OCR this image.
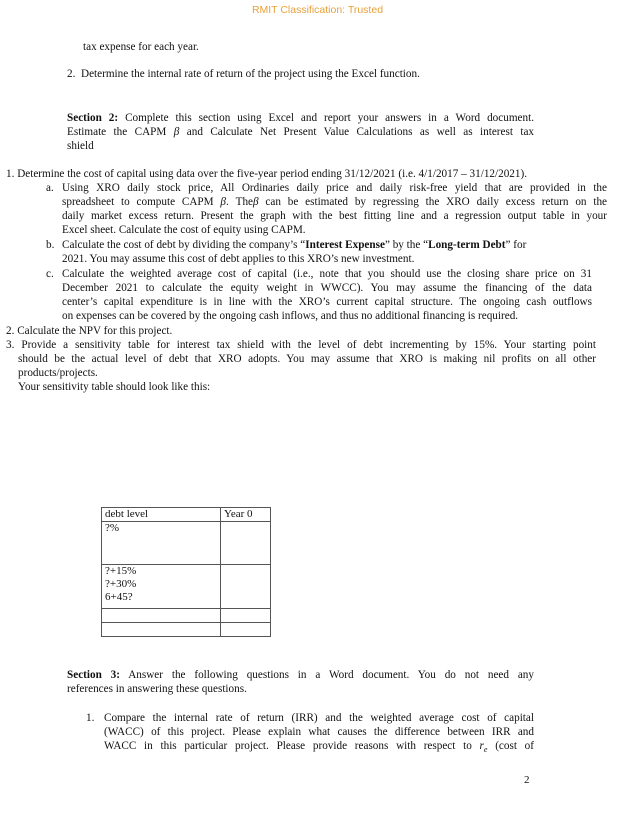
RMIT Classification: Trusted
tax expense for each year.
2. Determine the internal rate of return of the project using the Excel function.
Section 2: Complete this section using Excel and report your answers in a Word document.
Estimate the CAPM β and Calculate Net Present Value Calculations as well as interest tax
shield
1. Determine the cost of capital using data over the five-year period ending 31/12/2021 (i.e. 4/1/2017 – 31/12/2021).
a. Using XRO daily stock price, All Ordinaries daily price and daily risk-free yield that are provided in the
spreadsheet to compute CAPM β. Theβ can be estimated by regressing the XRO daily excess return on the
daily market excess return. Present the graph with the best fitting line and a regression output table in your
Excel sheet. Calculate the cost of equity using CAPM.
b. Calculate the cost of debt by dividing the company’s “Interest Expense” by the “Long-term Debt” for
2021. You may assume this cost of debt applies to this XRO’s new investment.
c. Calculate the weighted average cost of capital (i.e., note that you should use the closing share price on 31
December 2021 to calculate the equity weight in WWCC). You may assume the financing of the data
center’s capital expenditure is in line with the XRO’s current capital structure. The ongoing cash outflows
on expenses can be covered by the ongoing cash inflows, and thus no additional financing is required.
2. Calculate the NPV for this project.
3. Provide a sensitivity table for interest tax shield with the level of debt incrementing by 15%. Your starting point
should be the actual level of debt that XRO adopts. You may assume that XRO is making nil profits on all other
products/projects.
Your sensitivity table should look like this:
debt level	Year 0
?%	
?+15%
?+30%
6+45?	

Section 3: Answer the following questions in a Word document. You do not need any
references in answering these questions.
1. Compare the internal rate of return (IRR) and the weighted average cost of capital
(WACC) of this project. Please explain what causes the difference between IRR and
WACC in this particular project. Please provide reasons with respect to $r_e$ (cost of
2
